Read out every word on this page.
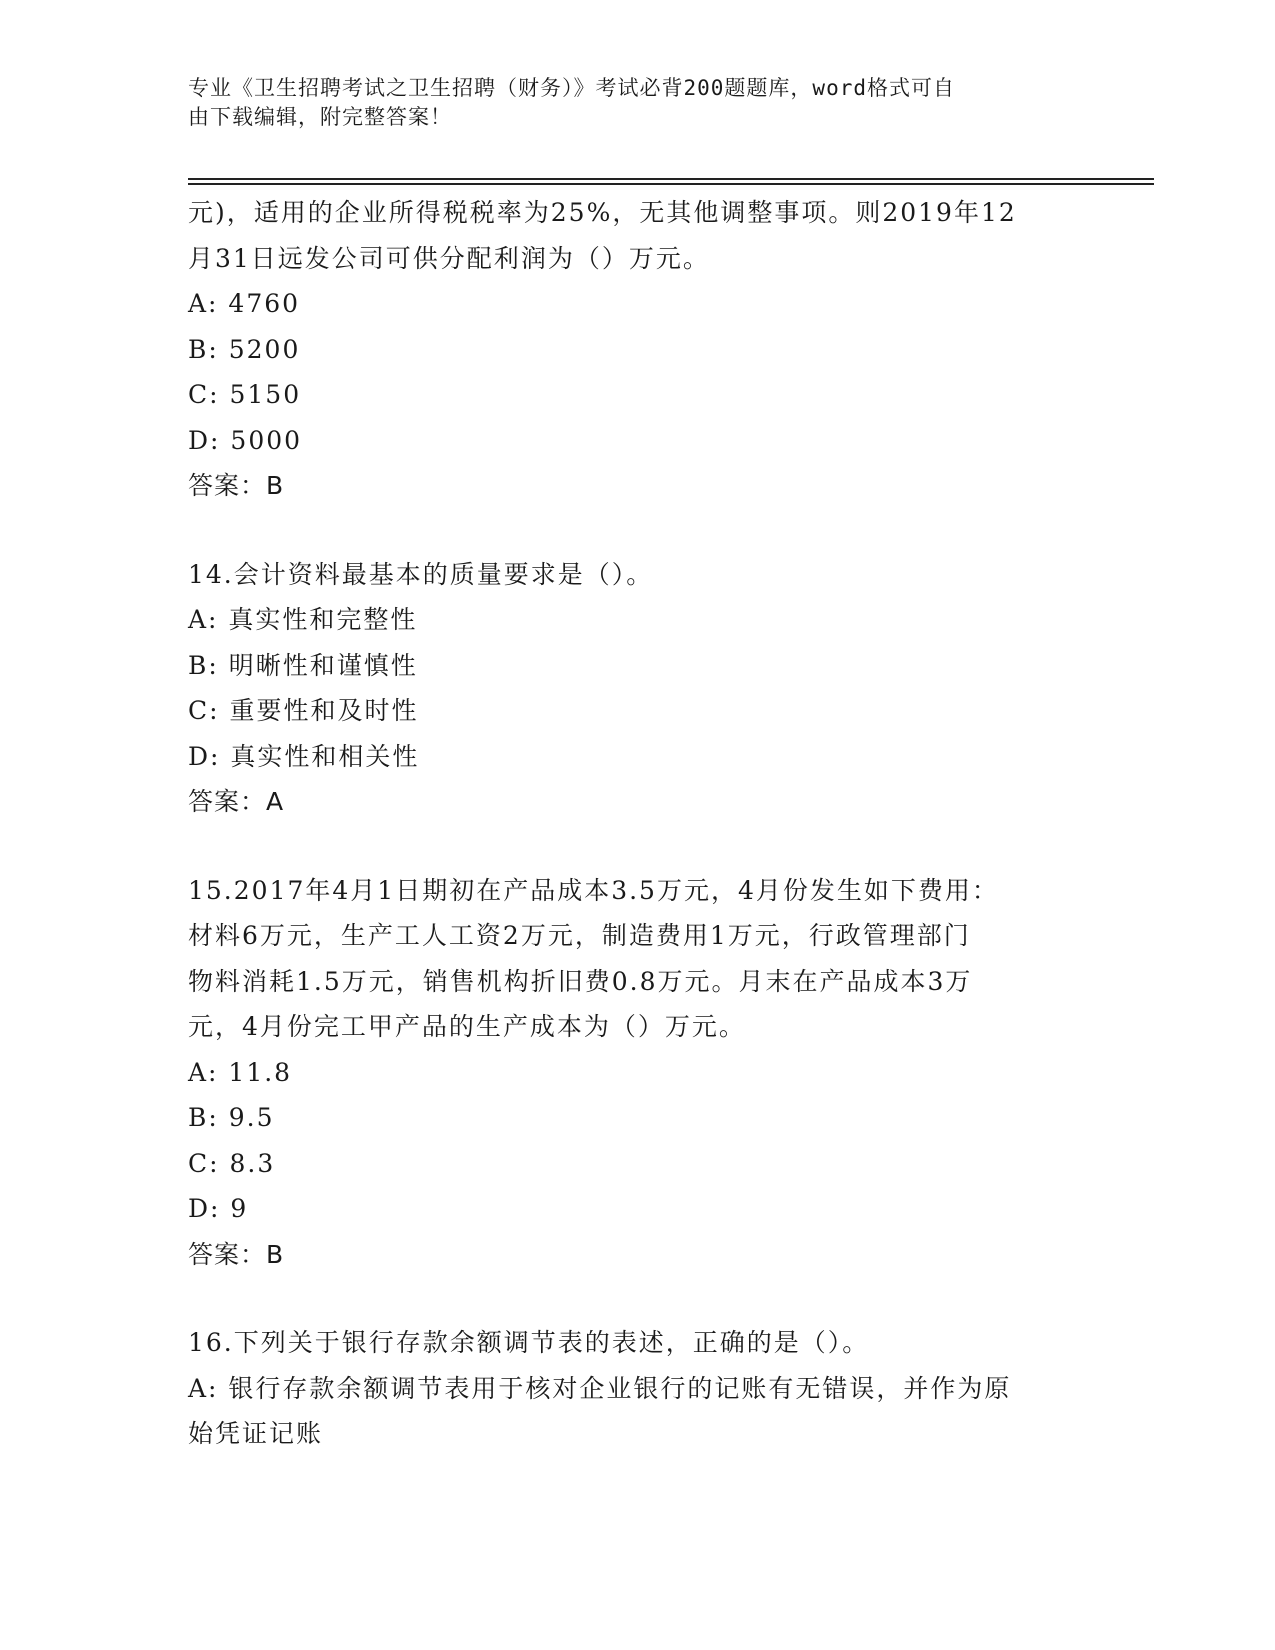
专业《卫生招聘考试之卫生招聘（财务）》考试必背200题题库，word格式可自
由下载编辑，附完整答案！
元)，适用的企业所得税税率为25%，无其他调整事项。则2019年12
月31日远发公司可供分配利润为（）万元。
A: 4760
B: 5200
C: 5150
D: 5000
答案：B
14.会计资料最基本的质量要求是（）。
A: 真实性和完整性
B: 明晰性和谨慎性
C: 重要性和及时性
D: 真实性和相关性
答案：A
15.2017年4月1日期初在产品成本3.5万元，4月份发生如下费用：
材料6万元，生产工人工资2万元，制造费用1万元，行政管理部门
物料消耗1.5万元，销售机构折旧费0.8万元。月末在产品成本3万
元，4月份完工甲产品的生产成本为（）万元。
A: 11.8
B: 9.5
C: 8.3
D: 9
答案：B
16.下列关于银行存款余额调节表的表述，正确的是（）。
A: 银行存款余额调节表用于核对企业银行的记账有无错误，并作为原
始凭证记账
